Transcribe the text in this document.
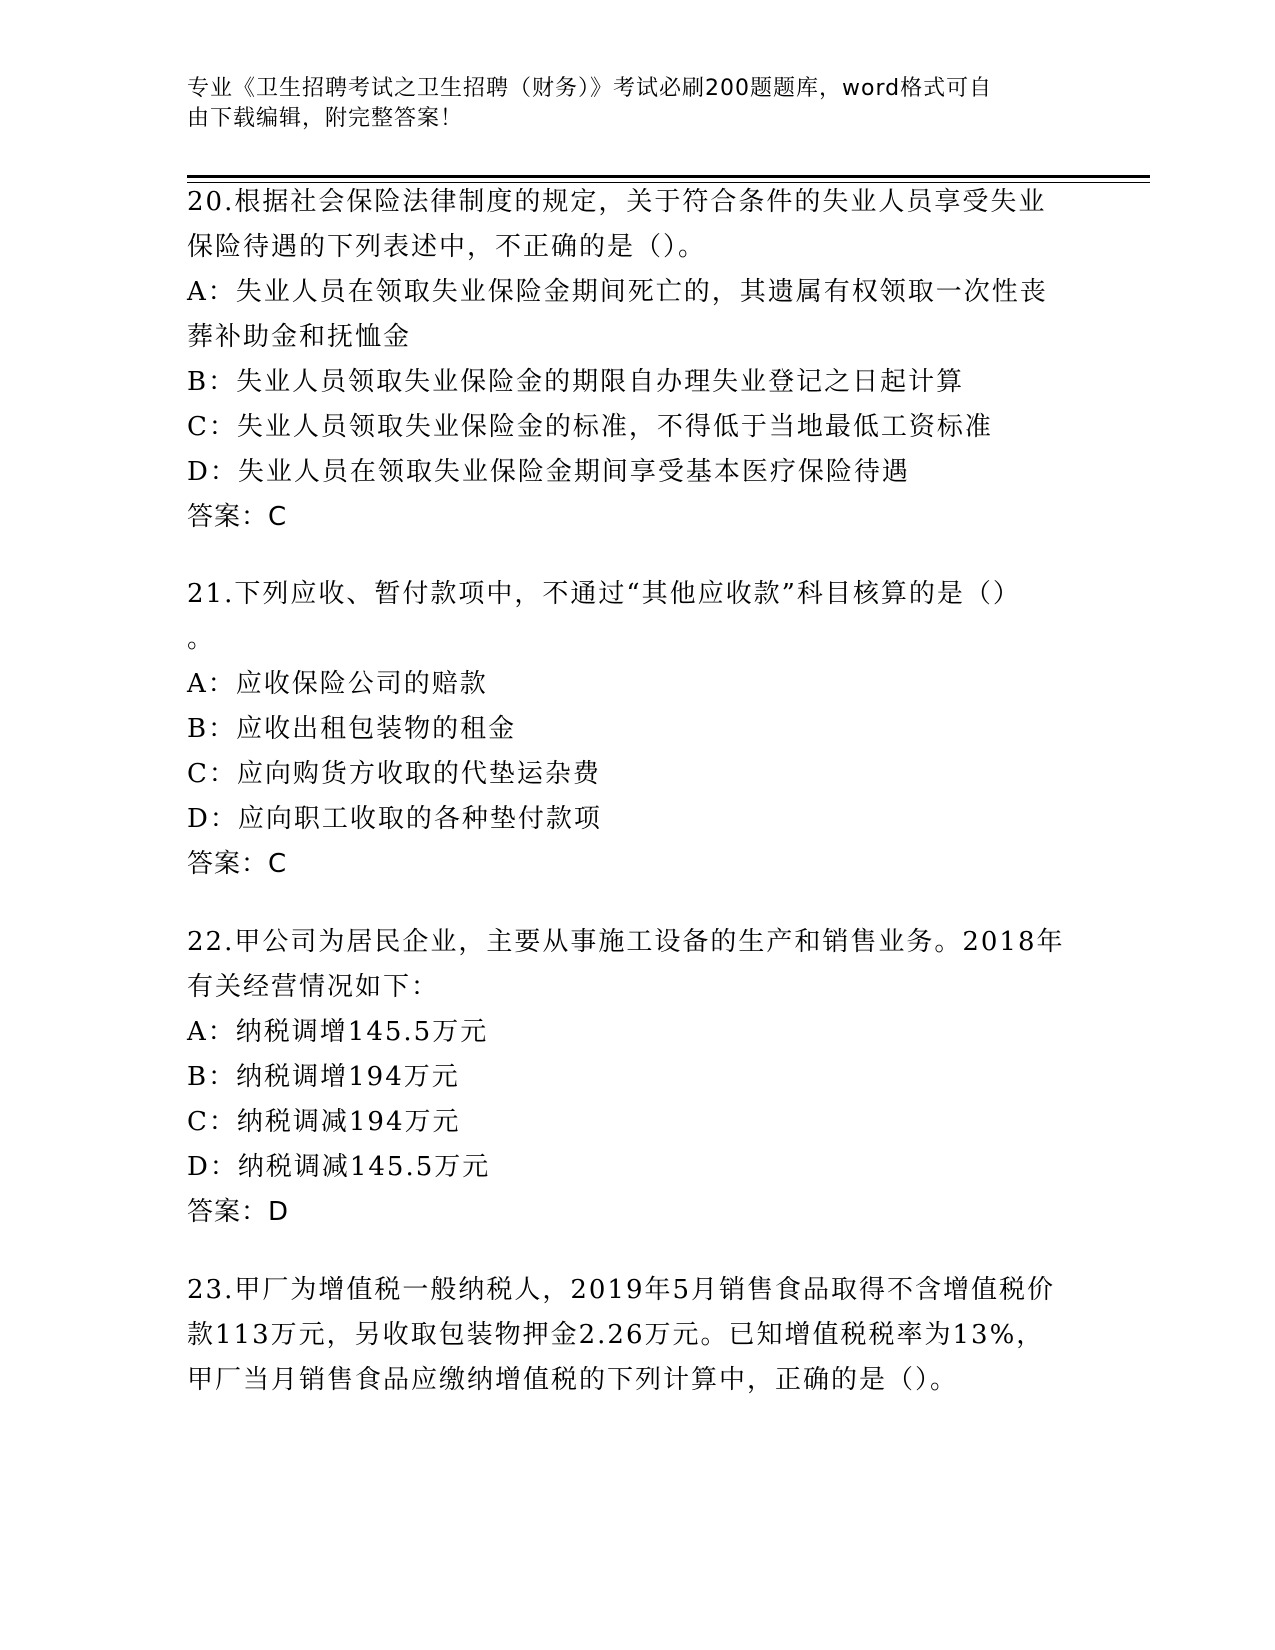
专业《卫生招聘考试之卫生招聘（财务）》考试必刷200题题库，word格式可自
由下载编辑，附完整答案！
20.根据社会保险法律制度的规定，关于符合条件的失业人员享受失业
保险待遇的下列表述中，不正确的是（）。
A：失业人员在领取失业保险金期间死亡的，其遗属有权领取一次性丧
葬补助金和抚恤金
B：失业人员领取失业保险金的期限自办理失业登记之日起计算
C：失业人员领取失业保险金的标准，不得低于当地最低工资标准
D：失业人员在领取失业保险金期间享受基本医疗保险待遇
答案：C
21.下列应收、暂付款项中，不通过“其他应收款”科目核算的是（）
。
A：应收保险公司的赔款
B：应收出租包装物的租金
C：应向购货方收取的代垫运杂费
D：应向职工收取的各种垫付款项
答案：C
22.甲公司为居民企业，主要从事施工设备的生产和销售业务。2018年
有关经营情况如下：
A：纳税调增145.5万元
B：纳税调增194万元
C：纳税调减194万元
D：纳税调减145.5万元
答案：D
23.甲厂为增值税一般纳税人，2019年5月销售食品取得不含增值税价
款113万元，另收取包装物押金2.26万元。已知增值税税率为13%，
甲厂当月销售食品应缴纳增值税的下列计算中，正确的是（）。
